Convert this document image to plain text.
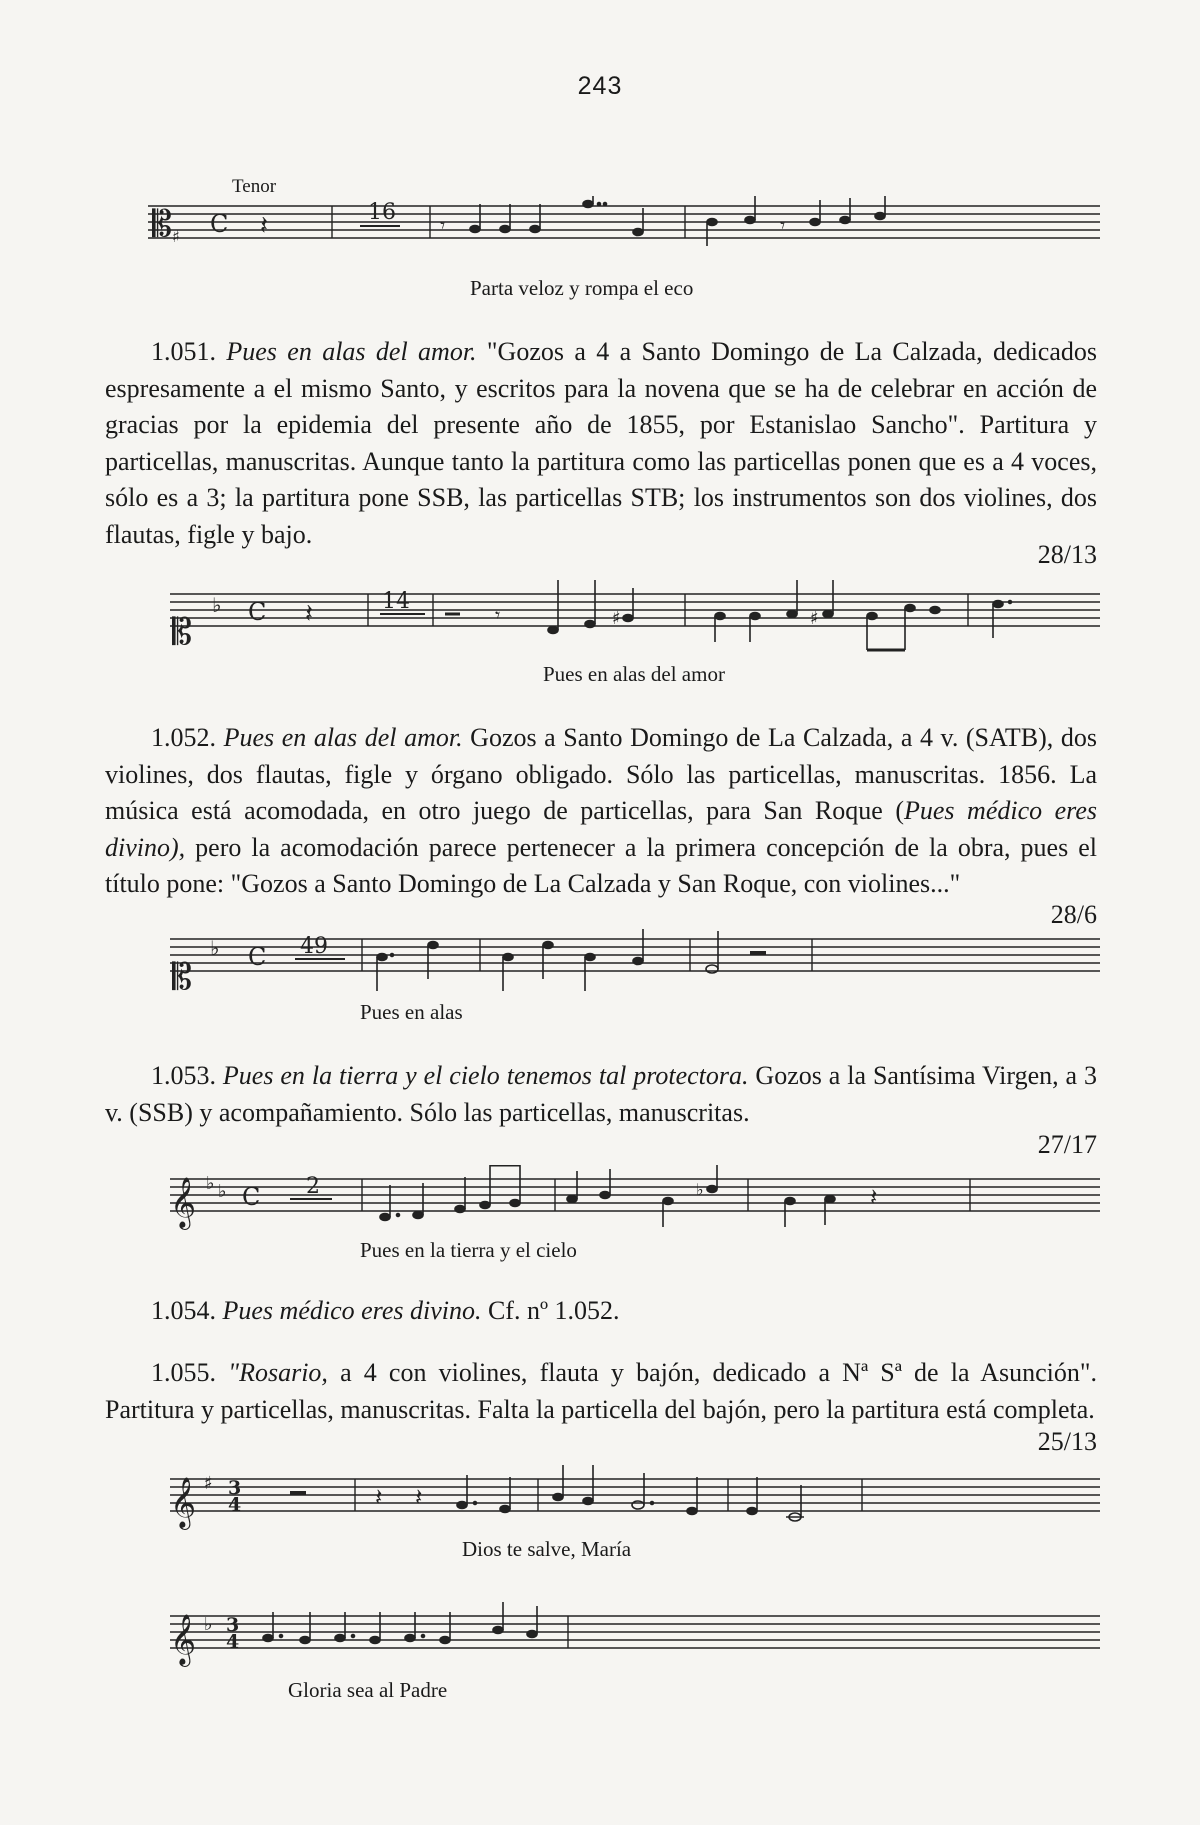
243
Tenor
𝄡 ♯ C 𝄽	16 𝄾	𝄾
Parta veloz y rompa el eco
1.051. Pues en alas del amor. "Gozos a 4 a Santo Domingo de La Calzada, dedicados espresamente a el mismo Santo, y escritos para la novena que se ha de celebrar en acción de gracias por la epidemia del presente año de 1855, por Estanislao Sancho". Partitura y particellas, manuscritas. Aunque tanto la partitura como las particellas ponen que es a 4 voces, sólo es a 3; la partitura pone SSB, las particellas STB; los instrumentos son dos violines, dos flautas, figle y bajo.
28/13
𝄡
♭ C 𝄽	14
𝄾	♯	♯
Pues en alas del amor
1.052. Pues en alas del amor. Gozos a Santo Domingo de La Calzada, a 4 v. (SATB), dos violines, dos flautas, figle y órgano obligado. Sólo las particellas, manuscritas. 1856. La música está acomodada, en otro juego de particellas, para San Roque (Pues médico eres divino), pero la acomodación parece pertenecer a la primera concepción de la obra, pues el título pone: "Gozos a Santo Domingo de La Calzada y San Roque, con violines..."
28/6
𝄡
♭ C 49
Pues en alas
1.053. Pues en la tierra y el cielo tenemos tal protectora. Gozos a la Santísima Virgen, a 3 v. (SSB) y acompañamiento. Sólo las particellas, manuscritas.
27/17
𝄞 ♭ ♭ C 2	♭	𝄽
Pues en la tierra y el cielo
1.054. Pues médico eres divino. Cf. nº 1.052.
1.055. "Rosario, a 4 con violines, flauta y bajón, dedicado a Nª Sª de la Asunción". Partitura y particellas, manuscritas. Falta la particella del bajón, pero la partitura está completa.
25/13
𝄞 ♯ 3
4	𝄽 𝄽
Dios te salve, María
𝄞 ♭ 3
4
Gloria sea al Padre
